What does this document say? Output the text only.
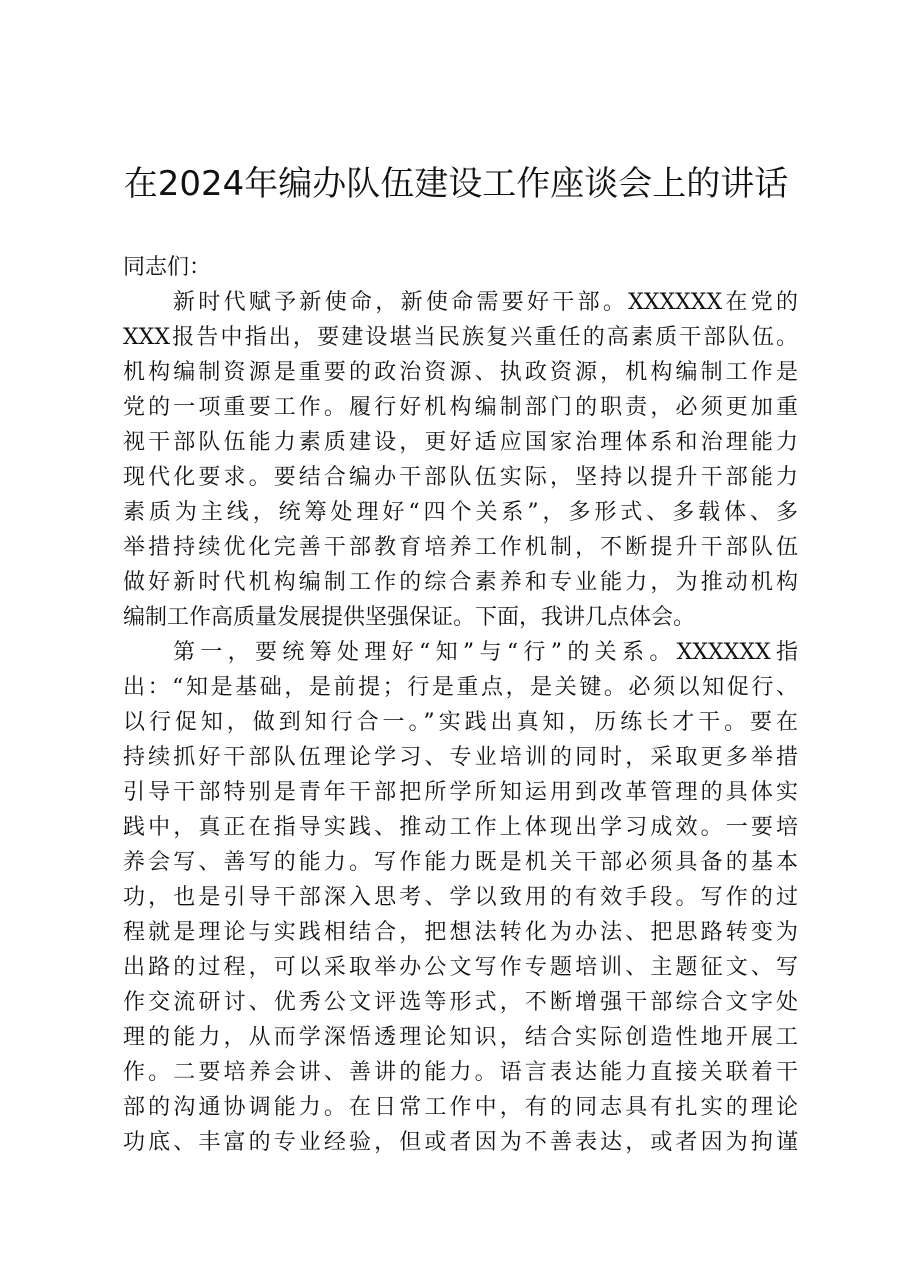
在2024年编办队伍建设工作座谈会上的讲话
同志们：
新时代赋予新使命，新使命需要好干部。XXXXXX在党的
XXX报告中指出，要建设堪当民族复兴重任的高素质干部队伍。
机构编制资源是重要的政治资源、执政资源，机构编制工作是
党的一项重要工作。履行好机构编制部门的职责，必须更加重
视干部队伍能力素质建设，更好适应国家治理体系和治理能力
现代化要求。要结合编办干部队伍实际，坚持以提升干部能力
素质为主线，统筹处理好“四个关系”，多形式、多载体、多
举措持续优化完善干部教育培养工作机制，不断提升干部队伍
做好新时代机构编制工作的综合素养和专业能力，为推动机构
编制工作高质量发展提供坚强保证。下面，我讲几点体会。
第一，要统筹处理好“知”与“行”的关系。XXXXXX指
出：“知是基础，是前提；行是重点，是关键。必须以知促行、
以行促知，做到知行合一。”实践出真知，历练长才干。要在
持续抓好干部队伍理论学习、专业培训的同时，采取更多举措
引导干部特别是青年干部把所学所知运用到改革管理的具体实
践中，真正在指导实践、推动工作上体现出学习成效。一要培
养会写、善写的能力。写作能力既是机关干部必须具备的基本
功，也是引导干部深入思考、学以致用的有效手段。写作的过
程就是理论与实践相结合，把想法转化为办法、把思路转变为
出路的过程，可以采取举办公文写作专题培训、主题征文、写
作交流研讨、优秀公文评选等形式，不断增强干部综合文字处
理的能力，从而学深悟透理论知识，结合实际创造性地开展工
作。二要培养会讲、善讲的能力。语言表达能力直接关联着干
部的沟通协调能力。在日常工作中，有的同志具有扎实的理论
功底、丰富的专业经验，但或者因为不善表达，或者因为拘谨
